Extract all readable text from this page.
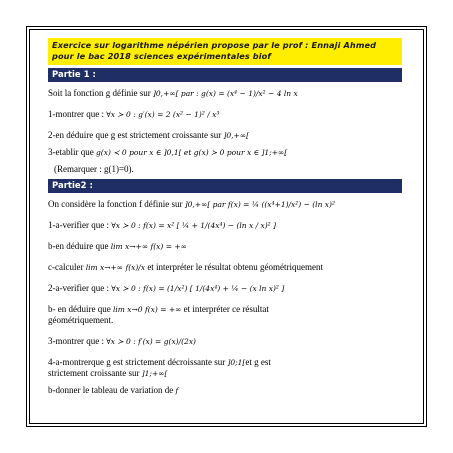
Exercice sur logarithme népérien propose par le prof : Ennaji Ahmed pour le bac 2018 sciences expérimentales biof
Partie 1 :
Soit la fonction g définie sur ]0,+∞[ par : g(x) = (x⁴ − 1)/x² − 4 ln x
1-montrer que : ∀x ≻ 0 : g′(x) = 2 (x² − 1)² / x³
2-en déduire que g est strictement croissante sur ]0,+∞[
3-etablir que g(x) ≺ 0 pour x ∈ ]0,1[ et g(x) ≻ 0 pour x ∈ ]1;+∞[
(Remarquer : g(1)=0).
Partie2 :
On considère la fonction f définie sur ]0,+∞[ par f(x) = ¼ ((x⁴+1)/x²) − (ln x)²
1-a-verifier que : ∀x ≻ 0 : f(x) = x² [ ¼ + 1/(4x⁴) − (ln x / x)² ]
b-en déduire que lim x→+∞ f(x) = +∞
c-calculer lim x→+∞ f(x)/x et interpréter le résultat obtenu géométriquement
2-a-verifier que : ∀x ≻ 0 : f(x) = (1/x²) [ 1/(4x⁴) + ¼ − (x ln x)² ]
b- en déduire que lim x→0 f(x) = +∞ et interpréter ce résultat
géométriquement.
3-montrer que : ∀x ≻ 0 : f′(x) = g(x)/(2x)
4-a-montrerque g est strictement décroissante sur ]0;1[et g est
strictement croissante sur ]1;+∞[
b-donner le tableau de variation de f
